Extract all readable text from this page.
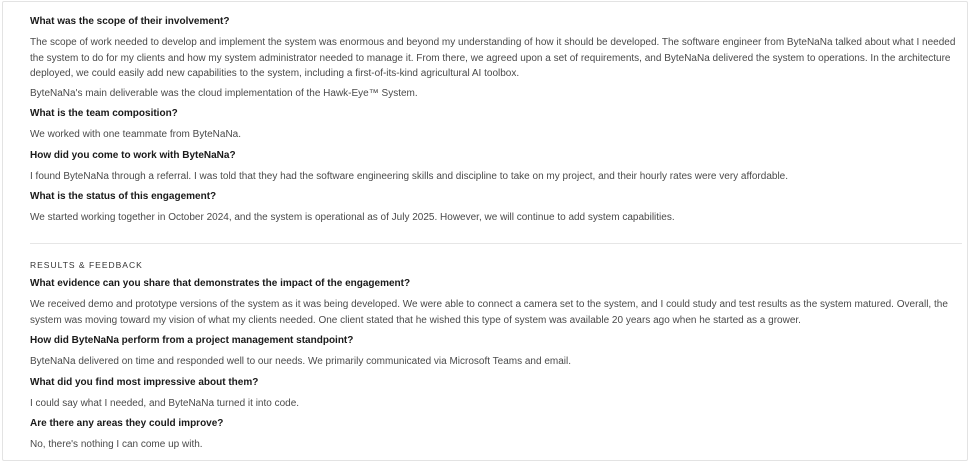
What was the scope of their involvement?
The scope of work needed to develop and implement the system was enormous and beyond my understanding of how it should be developed. The software engineer from ByteNaNa talked about what I needed the system to do for my clients and how my system administrator needed to manage it. From there, we agreed upon a set of requirements, and ByteNaNa delivered the system to operations. In the architecture deployed, we could easily add new capabilities to the system, including a first-of-its-kind agricultural AI toolbox.
ByteNaNa's main deliverable was the cloud implementation of the Hawk-Eye™ System.
What is the team composition?
We worked with one teammate from ByteNaNa.
How did you come to work with ByteNaNa?
I found ByteNaNa through a referral. I was told that they had the software engineering skills and discipline to take on my project, and their hourly rates were very affordable.
What is the status of this engagement?
We started working together in October 2024, and the system is operational as of July 2025. However, we will continue to add system capabilities.
RESULTS & FEEDBACK
What evidence can you share that demonstrates the impact of the engagement?
We received demo and prototype versions of the system as it was being developed. We were able to connect a camera set to the system, and I could study and test results as the system matured. Overall, the system was moving toward my vision of what my clients needed. One client stated that he wished this type of system was available 20 years ago when he started as a grower.
How did ByteNaNa perform from a project management standpoint?
ByteNaNa delivered on time and responded well to our needs. We primarily communicated via Microsoft Teams and email.
What did you find most impressive about them?
I could say what I needed, and ByteNaNa turned it into code.
Are there any areas they could improve?
No, there's nothing I can come up with.
